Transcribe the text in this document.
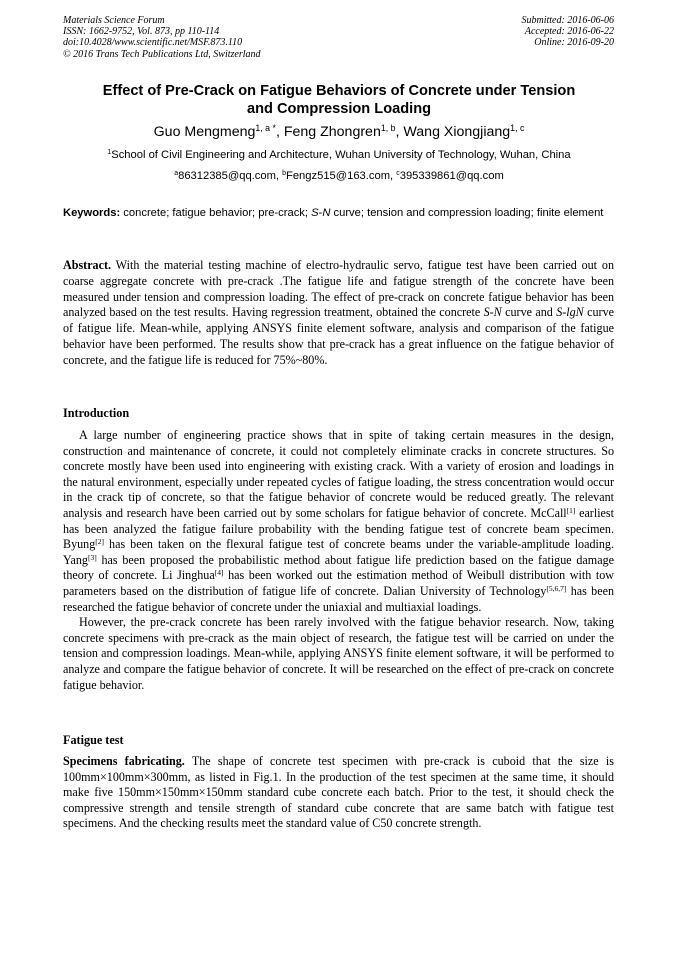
Materials Science Forum
ISSN: 1662-9752, Vol. 873, pp 110-114
doi:10.4028/www.scientific.net/MSF.873.110
© 2016 Trans Tech Publications Ltd, Switzerland
Submitted: 2016-06-06
Accepted: 2016-06-22
Online: 2016-09-20
Effect of Pre-Crack on Fatigue Behaviors of Concrete under Tension
and Compression Loading
Guo Mengmeng$^{1, a *}$, Feng Zhongren$^{1, b}$, Wang Xiongjiang$^{1, c}$
$^1$School of Civil Engineering and Architecture, Wuhan University of Technology, Wuhan, China
$^a$86312385@qq.com, $^b$Fengz515@163.com, $^c$395339861@qq.com
Keywords: concrete; fatigue behavior; pre-crack; S-N curve; tension and compression loading; finite element
Abstract. With the material testing machine of electro-hydraulic servo, fatigue test have been carried out on coarse aggregate concrete with pre-crack .The fatigue life and fatigue strength of the concrete have been measured under tension and compression loading. The effect of pre-crack on concrete fatigue behavior has been analyzed based on the test results. Having regression treatment, obtained the concrete S-N curve and S-lgN curve of fatigue life. Mean-while, applying ANSYS finite element software, analysis and comparison of the fatigue behavior have been performed. The results show that pre-crack has a great influence on the fatigue behavior of concrete, and the fatigue life is reduced for 75%~80%.
Introduction

A large number of engineering practice shows that in spite of taking certain measures in the design, construction and maintenance of concrete, it could not completely eliminate cracks in concrete structures. So concrete mostly have been used into engineering with existing crack. With a variety of erosion and loadings in the natural environment, especially under repeated cycles of fatigue loading, the stress concentration would occur in the crack tip of concrete, so that the fatigue behavior of concrete would be reduced greatly. The relevant analysis and research have been carried out by some scholars for fatigue behavior of concrete. McCall[1] earliest has been analyzed the fatigue failure probability with the bending fatigue test of concrete beam specimen. Byung[2] has been taken on the flexural fatigue test of concrete beams under the variable-amplitude loading. Yang[3] has been proposed the probabilistic method about fatigue life prediction based on the fatigue damage theory of concrete. Li Jinghua[4] has been worked out the estimation method of Weibull distribution with tow parameters based on the distribution of fatigue life of concrete. Dalian University of Technology[5,6,7] has been researched the fatigue behavior of concrete under the uniaxial and multiaxial loadings.

However, the pre-crack concrete has been rarely involved with the fatigue behavior research. Now, taking concrete specimens with pre-crack as the main object of research, the fatigue test will be carried on under the tension and compression loadings. Mean-while, applying ANSYS finite element software, it will be performed to analyze and compare the fatigue behavior of concrete. It will be researched on the effect of pre-crack on concrete fatigue behavior.

Fatigue test

Specimens fabricating. The shape of concrete test specimen with pre-crack is cuboid that the size is 100mm×100mm×300mm, as listed in Fig.1. In the production of the test specimen at the same time, it should make five 150mm×150mm×150mm standard cube concrete each batch. Prior to the test, it should check the compressive strength and tensile strength of standard cube concrete that are same batch with fatigue test specimens. And the checking results meet the standard value of C50 concrete strength.
